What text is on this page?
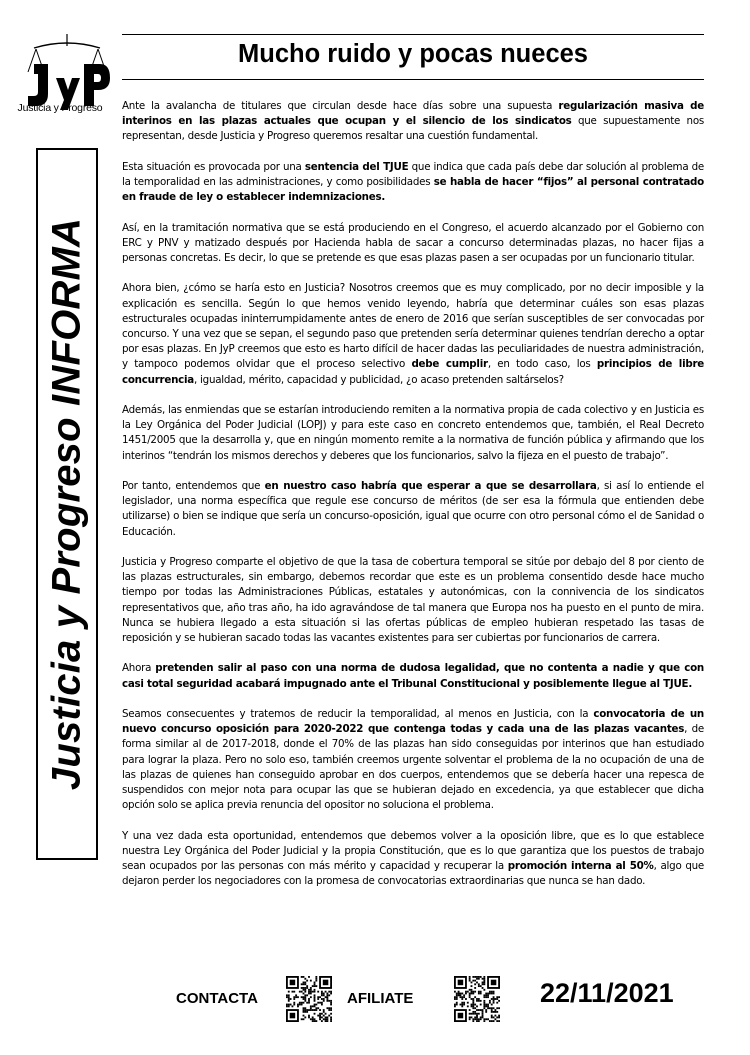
Justicia y Progreso
Justicia y Progreso INFORMA
Mucho ruido y pocas nueces

Ante la avalancha de titulares que circulan desde hace días sobre una supuesta regularización masiva de interinos en las plazas actuales que ocupan y el silencio de los sindicatos que supuestamente nos representan, desde Justicia y Progreso queremos resaltar una cuestión fundamental.

Esta situación es provocada por una sentencia del TJUE que indica que cada país debe dar solución al problema de la temporalidad en las administraciones, y como posibilidades se habla de hacer “fijos” al personal contratado en fraude de ley o establecer indemnizaciones.

Así, en la tramitación normativa que se está produciendo en el Congreso, el acuerdo alcanzado por el Gobierno con ERC y PNV y matizado después por Hacienda habla de sacar a concurso determinadas plazas, no hacer fijas a personas concretas. Es decir, lo que se pretende es que esas plazas pasen a ser ocupadas por un funcionario titular.

Ahora bien, ¿cómo se haría esto en Justicia? Nosotros creemos que es muy complicado, por no decir imposible y la explicación es sencilla. Según lo que hemos venido leyendo, habría que determinar cuáles son esas plazas estructurales ocupadas ininterrumpidamente antes de enero de 2016 que serían susceptibles de ser convocadas por concurso. Y una vez que se sepan, el segundo paso que pretenden sería determinar quienes tendrían derecho a optar por esas plazas. En JyP creemos que esto es harto difícil de hacer dadas las peculiaridades de nuestra administración, y tampoco podemos olvidar que el proceso selectivo debe cumplir, en todo caso, los principios de libre concurrencia, igualdad, mérito, capacidad y publicidad, ¿o acaso pretenden saltárselos?

Además, las enmiendas que se estarían introduciendo remiten a la normativa propia de cada colectivo y en Justicia es la Ley Orgánica del Poder Judicial (LOPJ) y para este caso en concreto entendemos que, también, el Real Decreto 1451/2005 que la desarrolla y, que en ningún momento remite a la normativa de función pública y afirmando que los interinos “tendrán los mismos derechos y deberes que los funcionarios, salvo la fijeza en el puesto de trabajo”.

Por tanto, entendemos que en nuestro caso habría que esperar a que se desarrollara, si así lo entiende el legislador, una norma específica que regule ese concurso de méritos (de ser esa la fórmula que entienden debe utilizarse) o bien se indique que sería un concurso-oposición, igual que ocurre con otro personal cómo el de Sanidad o Educación.

Justicia y Progreso comparte el objetivo de que la tasa de cobertura temporal se sitúe por debajo del 8 por ciento de las plazas estructurales, sin embargo, debemos recordar que este es un problema consentido desde hace mucho tiempo por todas las Administraciones Públicas, estatales y autonómicas, con la connivencia de los sindicatos representativos que, año tras año, ha ido agravándose de tal manera que Europa nos ha puesto en el punto de mira. Nunca se hubiera llegado a esta situación si las ofertas públicas de empleo hubieran respetado las tasas de reposición y se hubieran sacado todas las vacantes existentes para ser cubiertas por funcionarios de carrera.

Ahora pretenden salir al paso con una norma de dudosa legalidad, que no contenta a nadie y que con casi total seguridad acabará impugnado ante el Tribunal Constitucional y posiblemente llegue al TJUE.

Seamos consecuentes y tratemos de reducir la temporalidad, al menos en Justicia, con la convocatoria de un nuevo concurso oposición para 2020-2022 que contenga todas y cada una de las plazas vacantes, de forma similar al de 2017-2018, donde el 70% de las plazas han sido conseguidas por interinos que han estudiado para lograr la plaza. Pero no solo eso, también creemos urgente solventar el problema de la no ocupación de una de las plazas de quienes han conseguido aprobar en dos cuerpos, entendemos que se debería hacer una repesca de suspendidos con mejor nota para ocupar las que se hubieran dejado en excedencia, ya que establecer que dicha opción solo se aplica previa renuncia del opositor no soluciona el problema.

Y una vez dada esta oportunidad, entendemos que debemos volver a la oposición libre, que es lo que establece nuestra Ley Orgánica del Poder Judicial y la propia Constitución, que es lo que garantiza que los puestos de trabajo sean ocupados por las personas con más mérito y capacidad y recuperar la promoción interna al 50%, algo que dejaron perder los negociadores con la promesa de convocatorias extraordinarias que nunca se han dado.

CONTACTA	AFILIATE	22/11/2021
